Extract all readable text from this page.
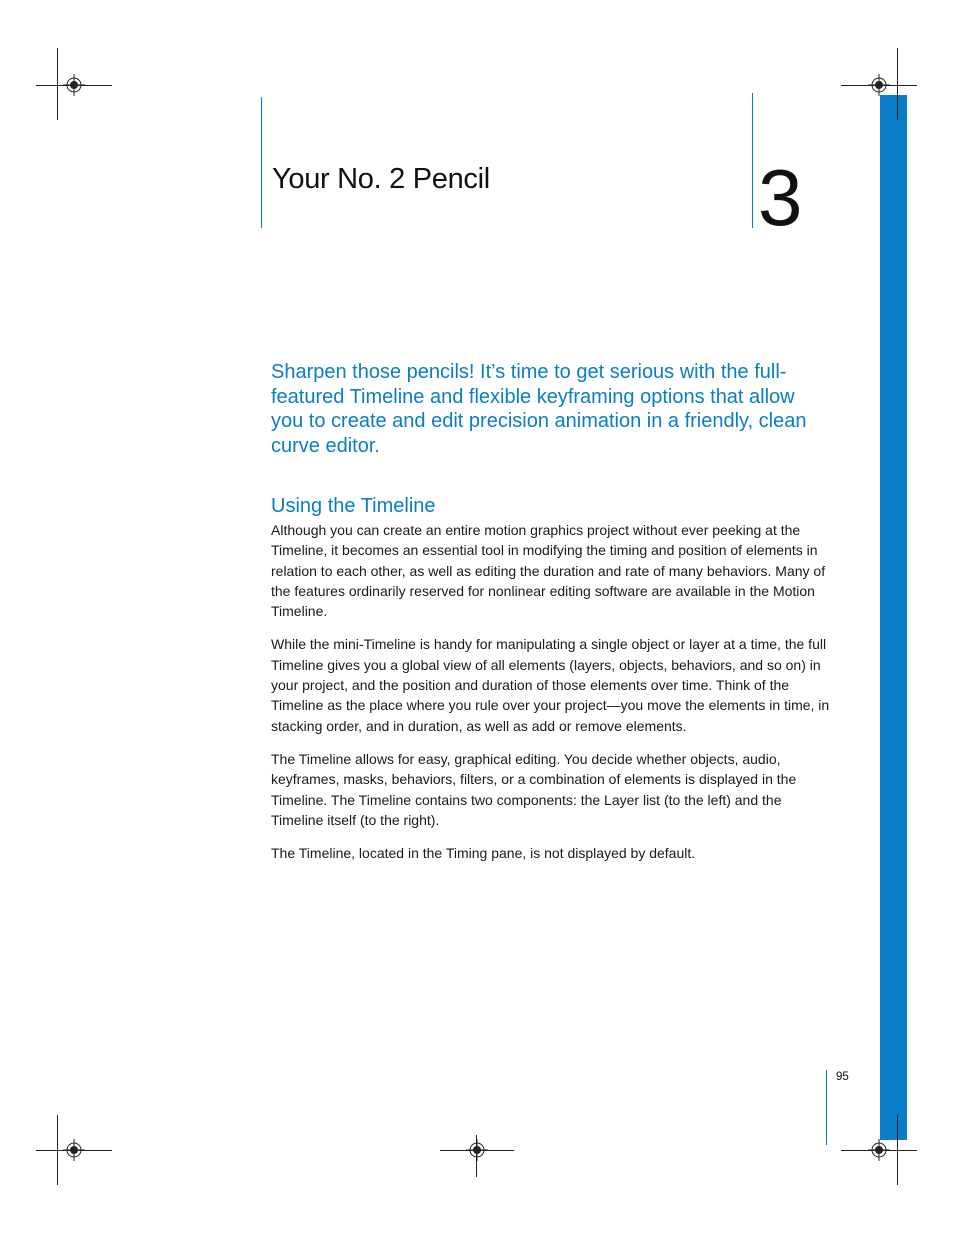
Your No. 2 Pencil	3
Sharpen those pencils! It’s time to get serious with the full-featured Timeline and flexible keyframing options that allow you to create and edit precision animation in a friendly, clean curve editor.
Using the Timeline

Although you can create an entire motion graphics project without ever peeking at the Timeline, it becomes an essential tool in modifying the timing and position of elements in relation to each other, as well as editing the duration and rate of many behaviors. Many of the features ordinarily reserved for nonlinear editing software are available in the Motion Timeline.

While the mini-Timeline is handy for manipulating a single object or layer at a time, the full Timeline gives you a global view of all elements (layers, objects, behaviors, and so on) in your project, and the position and duration of those elements over time. Think of the Timeline as the place where you rule over your project—you move the elements in time, in stacking order, and in duration, as well as add or remove elements.

The Timeline allows for easy, graphical editing. You decide whether objects, audio, keyframes, masks, behaviors, filters, or a combination of elements is displayed in the Timeline. The Timeline contains two components: the Layer list (to the left) and the Timeline itself (to the right).

The Timeline, located in the Timing pane, is not displayed by default.

95
